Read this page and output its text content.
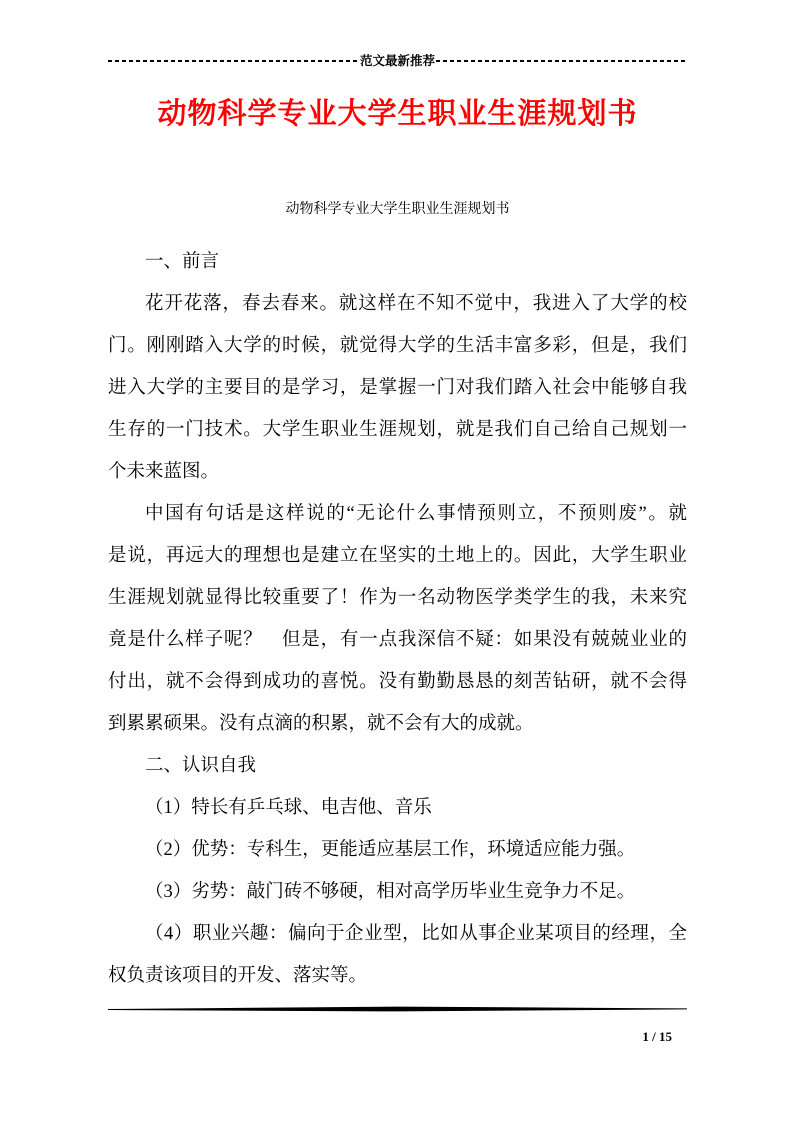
范文最新推荐
动物科学专业大学生职业生涯规划书
动物科学专业大学生职业生涯规划书
一、前言
花开花落，春去春来。就这样在不知不觉中，我进入了大学的校
门。刚刚踏入大学的时候，就觉得大学的生活丰富多彩，但是，我们
进入大学的主要目的是学习，是掌握一门对我们踏入社会中能够自我
生存的一门技术。大学生职业生涯规划，就是我们自己给自己规划一
个未来蓝图。
中国有句话是这样说的“无论什么事情预则立，不预则废”。就
是说，再远大的理想也是建立在坚实的土地上的。因此，大学生职业
生涯规划就显得比较重要了！作为一名动物医学类学生的我，未来究
竟是什么样子呢？　但是，有一点我深信不疑：如果没有兢兢业业的
付出，就不会得到成功的喜悦。没有勤勤恳恳的刻苦钻研，就不会得
到累累硕果。没有点滴的积累，就不会有大的成就。
二、认识自我
（1）特长有乒乓球、电吉他、音乐
（2）优势：专科生，更能适应基层工作，环境适应能力强。
（3）劣势：敲门砖不够硬，相对高学历毕业生竞争力不足。
（4）职业兴趣：偏向于企业型，比如从事企业某项目的经理，全
权负责该项目的开发、落实等。
1 / 15
